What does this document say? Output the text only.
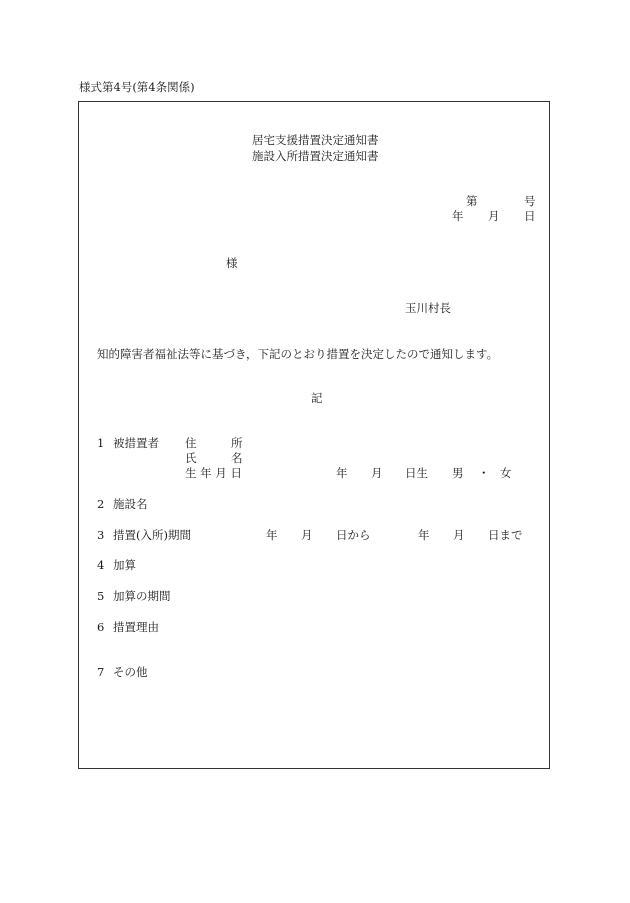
様式第4号(第4条関係)
居宅支援措置決定通知書
施設入所措置決定通知書
第	号
年 月 日
様
玉川村長
知的障害者福祉法等に基づき，下記のとおり措置を決定したので通知します。
記
1 被措置者 住	所
氏	名
生 年 月 日	年 月 日生 男 ・ 女
2 施設名
3 措置(入所)期間	年 月 日から	年 月 日まで
4 加算
5 加算の期間
6 措置理由
7 その他
